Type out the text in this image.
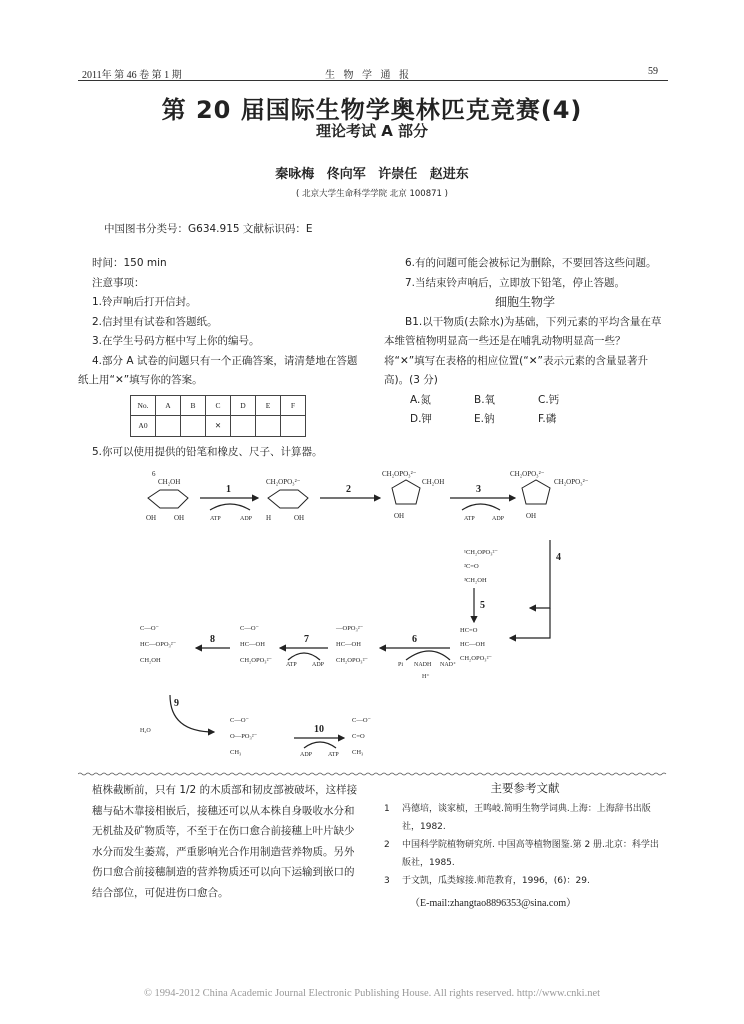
2011年 第 46 卷 第 1 期	生 物 学 通 报	59
第 20 届国际生物学奥林匹克竞赛(4)
理论考试 A 部分
秦咏梅 佟向军 许崇任 赵进东
( 北京大学生命科学学院 北京 100871 )
中国图书分类号：G634.915 文献标识码：E

时间：150 min

注意事项：

1.铃声响后打开信封。

2.信封里有试卷和答题纸。

3.在学生号码方框中写上你的编号。

4.部分 A 试卷的问题只有一个正确答案，请清楚地在答题纸上用“✕”填写你的答案。

No.	A	B	C	D	E	F
A0			✕			

5.你可以使用提供的铅笔和橡皮、尺子、计算器。

6.有的问题可能会被标记为删除，不要回答这些问题。

7.当结束铃声响后，立即放下铅笔，停止答题。

细胞生物学

B1.以干物质(去除水)为基础，下列元素的平均含量在草本维管植物明显高一些还是在哺乳动物明显高一些？将“✕”填写在表格的相应位置(“✕”表示元素的含量显著升高)。(3 分)

A.氮	B.氧	C.钙
D.钾	E.钠	F.磷
6
CH₂OH
OH	OH
CH₂OPO₃²⁻
H	OH
CH₂OPO₃²⁻
CH₂OH
OH
CH₂OPO₃²⁻
CH₂OPO₃²⁻
OH
1	2	3
4
5
6
7
8
9
10
ATP	ADP	ATP	ADP
Pi NADH NAD⁺
H⁺
ATP	ADP
ADP	ATP
H₂O
¹CH₂OPO₃²⁻
²C=O
³CH₂OH
HC=O
HC—OH
CH₂OPO₃²⁻
—OPO₃²⁻
HC—OH
CH₂OPO₃²⁻
C—O⁻
HC—OH
CH₂OPO₃²⁻
C—O⁻
HC—OPO₃²⁻
CH₂OH
C—O⁻
O—PO₃²⁻
CH₃
C—O⁻
C=O
CH₃
植株截断前，只有 1/2 的木质部和韧皮部被破坏，这样接穗与砧木靠接相嵌后，接穗还可以从本株自身吸收水分和无机盐及矿物质等，不至于在伤口愈合前接穗上叶片缺少水分而发生萎蔫，严重影响光合作用制造营养物质。另外伤口愈合前接穗制造的营养物质还可以向下运输到嵌口的结合部位，可促进伤口愈合。
主要参考文献
1	冯德培，谈家桢，王鸣岐.简明生物学词典.上海：上海辞书出版社，1982.
2	中国科学院植物研究所. 中国高等植物图鉴.第 2 册.北京：科学出版社，1985.
3	于文凯，瓜类嫁接.师范教育，1996，(6)：29.
（E-mail:zhangtao8896353@sina.com）
© 1994-2012 China Academic Journal Electronic Publishing House. All rights reserved. http://www.cnki.net
